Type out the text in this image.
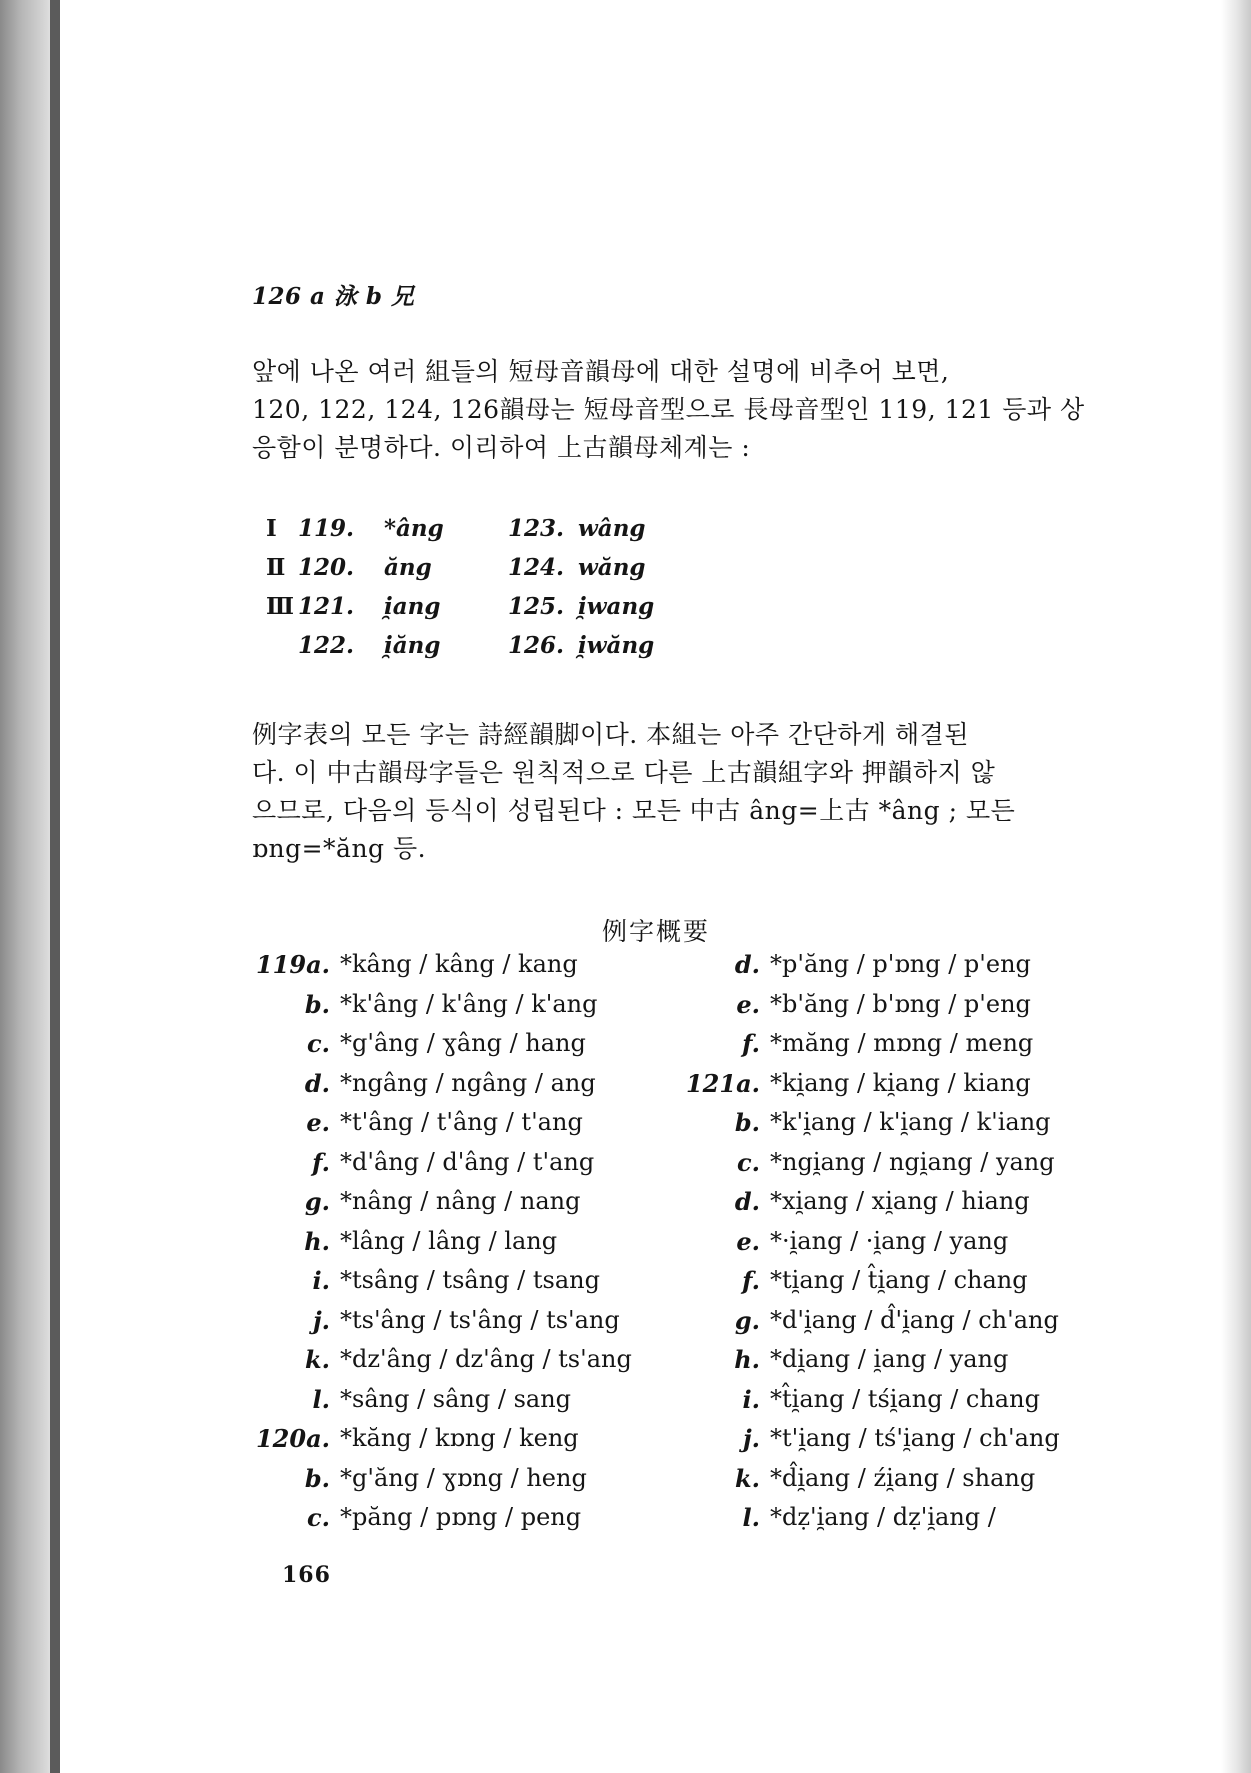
126 a 泳 b 兄
앞에 나온 여러 組들의 短母音韻母에 대한 설명에 비추어 보면,
120, 122, 124, 126韻母는 短母音型으로 長母音型인 119, 121 등과 상
응함이 분명하다. 이리하여 上古韻母체계는 :
Ⅰ 119. *âng	123. wâng
Ⅱ 120. ăng	124. wăng
Ⅲ 121. i̯ang	125. i̯wang
122. i̯ăng	126. i̯wăng
例字表의 모든 字는 詩經韻脚이다. 本組는 아주 간단하게 해결된
다. 이 中古韻母字들은 원칙적으로 다른 上古韻組字와 押韻하지 않
으므로, 다음의 등식이 성립된다 : 모든 中古 âng=上古 *âng ; 모든
ɒng=*ăng 등.
例字概要
119a. *kâng / kâng / kang
b. *k'âng / k'âng / k'ang
c. *g'âng / ɣâng / hang
d. *ngâng / ngâng / ang
e. *t'âng / t'âng / t'ang
f. *d'âng / d'âng / t'ang
g. *nâng / nâng / nang
h. *lâng / lâng / lang
i. *tsâng / tsâng / tsang
j. *ts'âng / ts'âng / ts'ang
k. *dz'âng / dz'âng / ts'ang
l. *sâng / sâng / sang
120a. *kăng / kɒng / keng
b. *g'ăng / ɣɒng / heng
c. *păng / pɒng / peng
d. *p'ăng / p'ɒng / p'eng
e. *b'ăng / b'ɒng / p'eng
f. *măng / mɒng / meng
121a. *ki̯ang / ki̯ang / kiang
b. *k'i̯ang / k'i̯ang / k'iang
c. *ngi̯ang / ngi̯ang / yang
d. *xi̯ang / xi̯ang / hiang
e. *·i̯ang / ·i̯ang / yang
f. *ti̯ang / t̂i̯ang / chang
g. *d'i̯ang / d̂'i̯ang / ch'ang
h. *di̯ang / i̯ang / yang
i. *t̂i̯ang / tśi̯ang / chang
j. *t'i̯ang / tś'i̯ang / ch'ang
k. *d̂i̯ang / źi̯ang / shang
l. *dẓ'i̯ang / dẓ'i̯ang /
166
